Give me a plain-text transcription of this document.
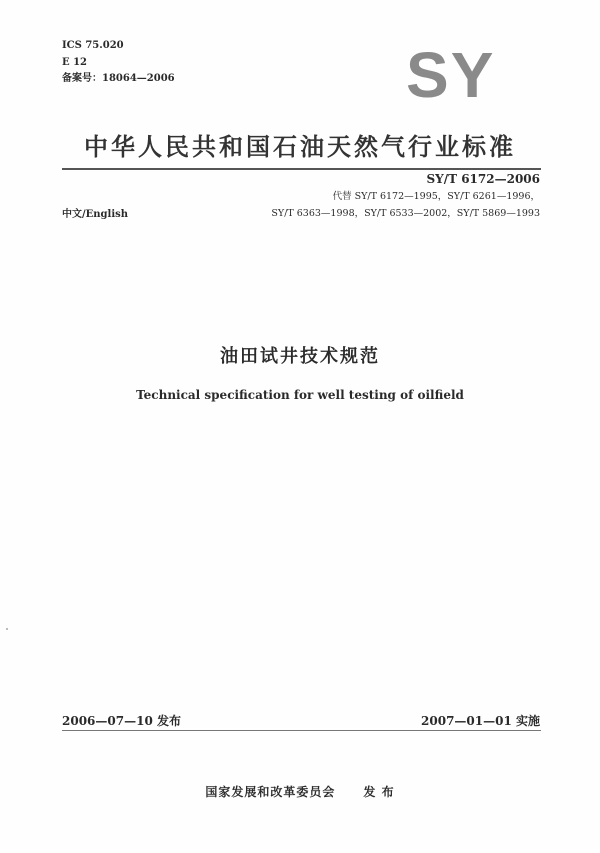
ICS 75.020
E 12
备案号：18064—2006	SY
中华人民共和国石油天然气行业标准
SY/T 6172—2006
代替 SY/T 6172—1995，SY/T 6261—1996，
SY/T 6363—1998，SY/T 6533—2002，SY/T 5869—1993
中文/English
油田试井技术规范
Technical specification for well testing of oilfield
2006—07—10 发布	2007—01—01 实施
国家发展和改革委员会 发 布
